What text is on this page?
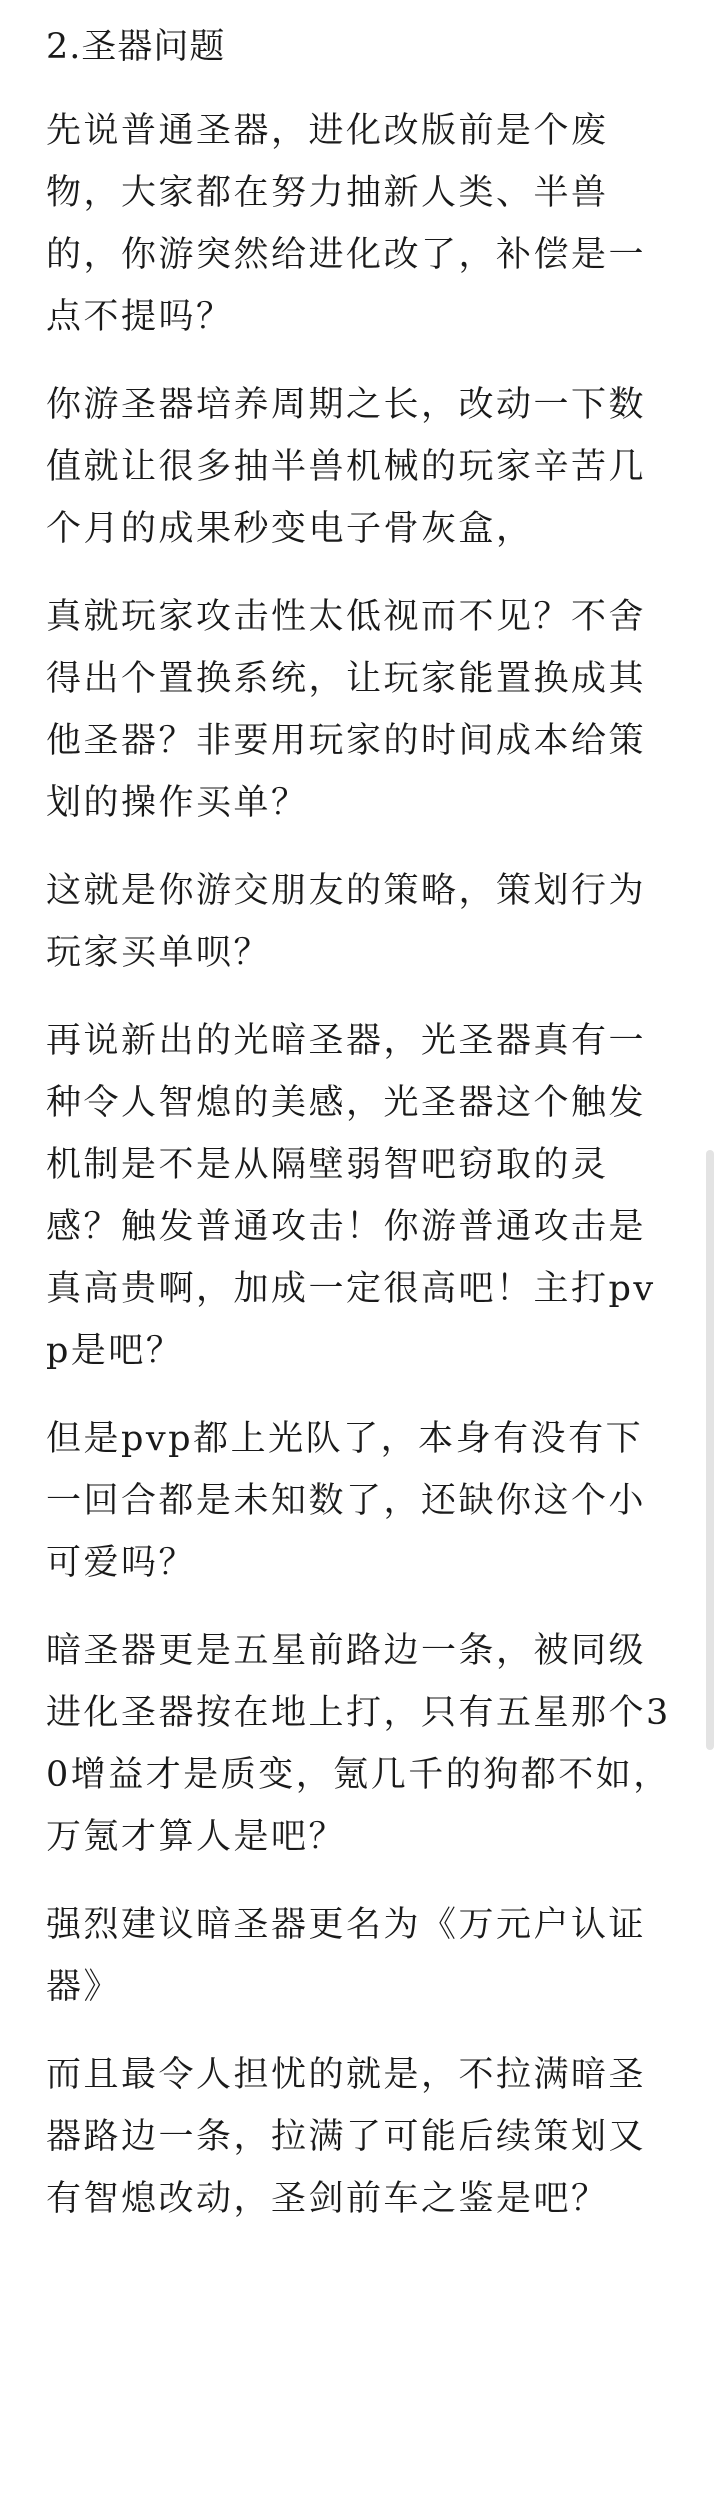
2.圣器问题

先说普通圣器，进化改版前是个废物，大家都在努力抽新人类、半兽的，你游突然给进化改了，补偿是一点不提吗？

你游圣器培养周期之长，改动一下数值就让很多抽半兽机械的玩家辛苦几个月的成果秒变电子骨灰盒，

真就玩家攻击性太低视而不见？不舍得出个置换系统，让玩家能置换成其他圣器？非要用玩家的时间成本给策划的操作买单？

这就是你游交朋友的策略，策划行为玩家买单呗？

再说新出的光暗圣器，光圣器真有一种令人智熄的美感，光圣器这个触发机制是不是从隔壁弱智吧窃取的灵感？触发普通攻击！你游普通攻击是真高贵啊，加成一定很高吧！主打pvp是吧？

但是pvp都上光队了，本身有没有下一回合都是未知数了，还缺你这个小可爱吗？

暗圣器更是五星前路边一条，被同级进化圣器按在地上打，只有五星那个30增益才是质变，氪几千的狗都不如，万氪才算人是吧？

强烈建议暗圣器更名为《万元户认证器》

而且最令人担忧的就是，不拉满暗圣器路边一条，拉满了可能后续策划又有智熄改动，圣剑前车之鉴是吧？
